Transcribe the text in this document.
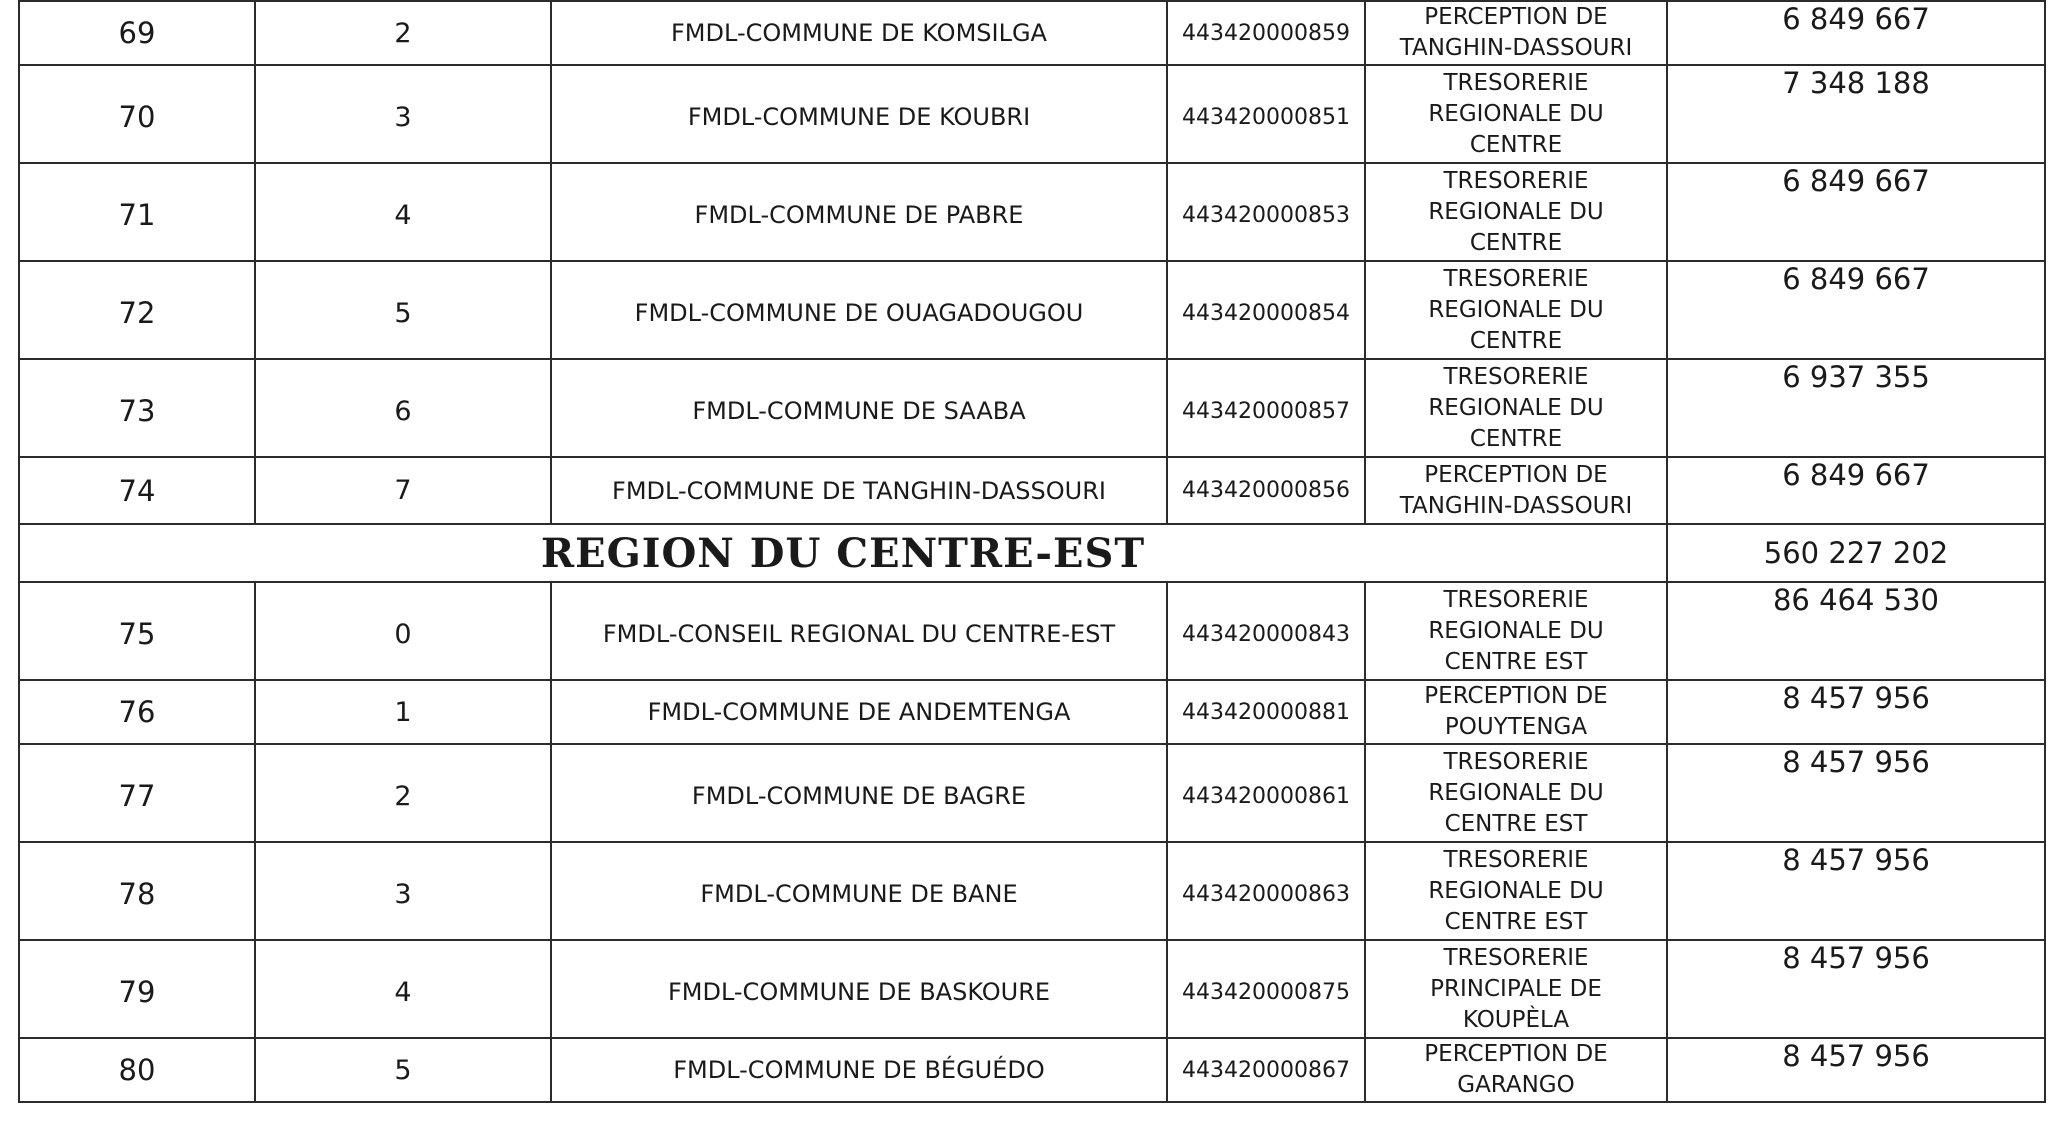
69	2	FMDL-COMMUNE DE KOMSILGA	443420000859	PERCEPTION DE
TANGHIN-DASSOURI	6 849 667
70	3	FMDL-COMMUNE DE KOUBRI	443420000851	TRESORERIE
REGIONALE DU
CENTRE	7 348 188
71	4	FMDL-COMMUNE DE PABRE	443420000853	TRESORERIE
REGIONALE DU
CENTRE	6 849 667
72	5	FMDL-COMMUNE DE OUAGADOUGOU	443420000854	TRESORERIE
REGIONALE DU
CENTRE	6 849 667
73	6	FMDL-COMMUNE DE SAABA	443420000857	TRESORERIE
REGIONALE DU
CENTRE	6 937 355
74	7	FMDL-COMMUNE DE TANGHIN-DASSOURI	443420000856	PERCEPTION DE
TANGHIN-DASSOURI	6 849 667
REGION DU CENTRE-EST					560 227 202
75	0	FMDL-CONSEIL REGIONAL DU CENTRE-EST	443420000843	TRESORERIE
REGIONALE DU
CENTRE EST	86 464 530
76	1	FMDL-COMMUNE DE ANDEMTENGA	443420000881	PERCEPTION DE
POUYTENGA	8 457 956
77	2	FMDL-COMMUNE DE BAGRE	443420000861	TRESORERIE
REGIONALE DU
CENTRE EST	8 457 956
78	3	FMDL-COMMUNE DE BANE	443420000863	TRESORERIE
REGIONALE DU
CENTRE EST	8 457 956
79	4	FMDL-COMMUNE DE BASKOURE	443420000875	TRESORERIE
PRINCIPALE DE
KOUPÈLA	8 457 956
80	5	FMDL-COMMUNE DE BÉGUÉDO	443420000867	PERCEPTION DE
GARANGO	8 457 956
